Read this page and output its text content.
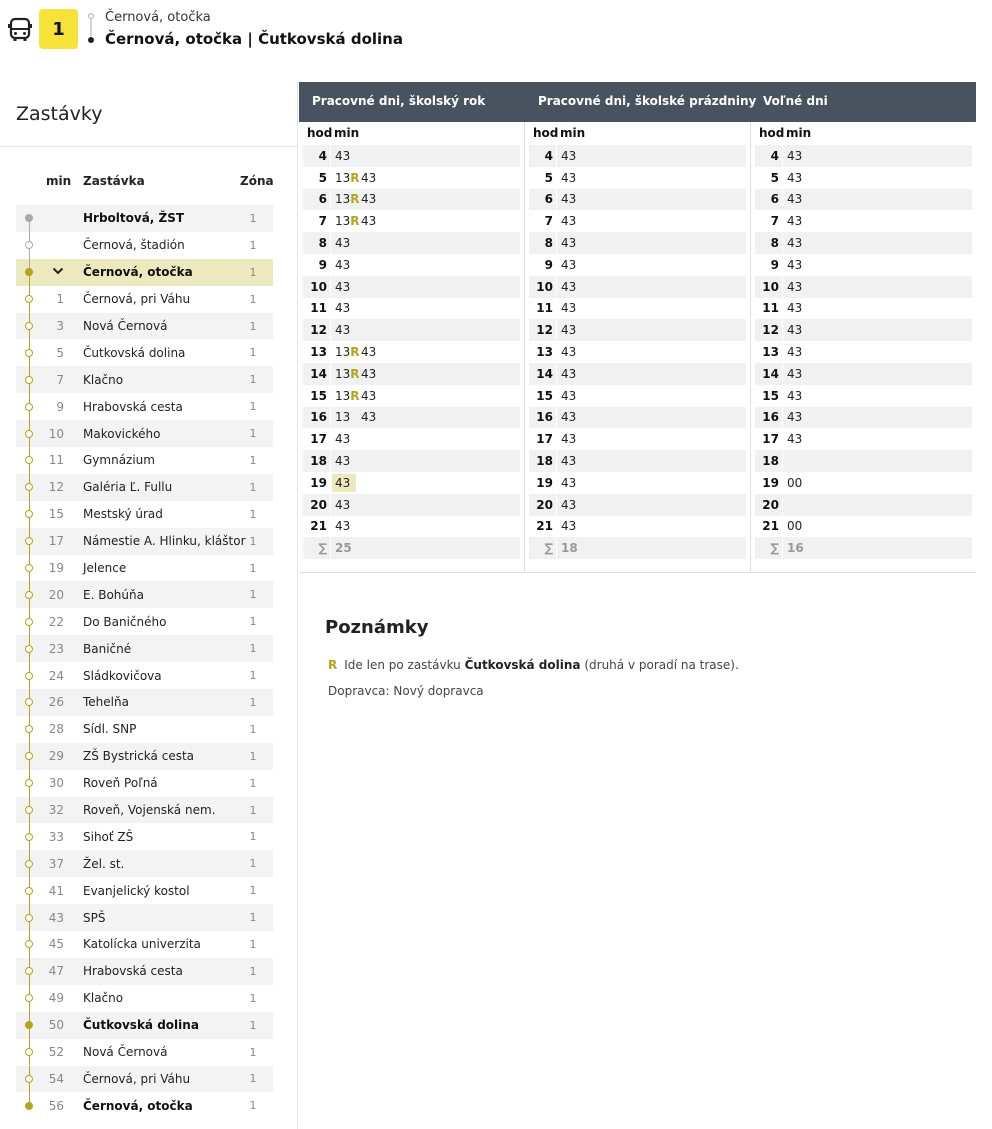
1
Černová, otočka
Černová, otočka | Čutkovská dolina
Zastávky
min Zastávka	Zóna
Hrboltová, ŽST	1
Černová, štadión	1
Černová, otočka	1
1 Černová, pri Váhu	1
3 Nová Černová	1
5 Čutkovská dolina	1
7 Klačno	1
9 Hrabovská cesta	1
10 Makovického	1
11 Gymnázium	1
12 Galéria Ľ. Fullu	1
15 Mestský úrad	1
17 Námestie A. Hlinku, kláštor 1
19 Jelence	1
20 E. Bohúňa	1
22 Do Baničného	1
23 Baničné	1
24 Sládkovičova	1
26 Tehelňa	1
28 Sídl. SNP	1
29 ZŠ Bystrická cesta	1
30 Roveň Poľná	1
32 Roveň, Vojenská nem.	1
33 Sihoť ZŠ	1
37 Žel. st.	1
41 Evanjelický kostol	1
43 SPŠ	1
45 Katolícka univerzita	1
47 Hrabovská cesta	1
49 Klačno	1
50 Čutkovská dolina	1
52 Nová Černová	1
54 Černová, pri Váhu	1
56 Černová, otočka	1
Pracovné dni, školský rok	Pracovné dni, školské prázdniny Voľné dni
hod min
4 43
5 13R 43
6 13R 43
7 13R 43
8 43
9 43
10 43
11 43
12 43
13 13R 43
14 13R 43
15 13R 43
16 13 43
17 43
18 43
19 43
20 43
21 43
∑ 25
hod min
4 43
5 43
6 43
7 43
8 43
9 43
10 43
11 43
12 43
13 43
14 43
15 43
16 43
17 43
18 43
19 43
20 43
21 43
∑ 18
hod min
4 43
5 43
6 43
7 43
8 43
9 43
10 43
11 43
12 43
13 43
14 43
15 43
16 43
17 43
18
19 00
20
21 00
∑ 16
Poznámky
R Ide len po zastávku Čutkovská dolina (druhá v poradí na trase).
Dopravca: Nový dopravca
